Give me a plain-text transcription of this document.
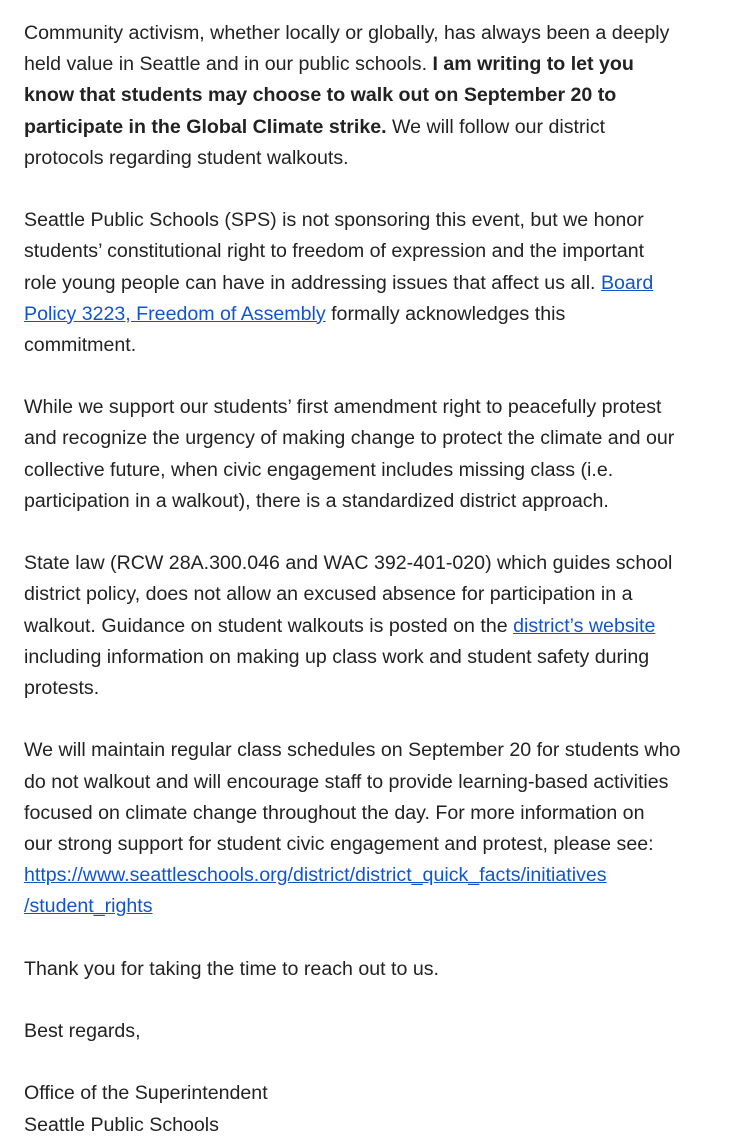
Community activism, whether locally or globally, has always been a deeply
held value in Seattle and in our public schools. I am writing to let you
know that students may choose to walk out on September 20 to
participate in the Global Climate strike. We will follow our district
protocols regarding student walkouts.

Seattle Public Schools (SPS) is not sponsoring this event, but we honor
students’ constitutional right to freedom of expression and the important
role young people can have in addressing issues that affect us all. Board
Policy 3223, Freedom of Assembly formally acknowledges this
commitment.

While we support our students’ first amendment right to peacefully protest
and recognize the urgency of making change to protect the climate and our
collective future, when civic engagement includes missing class (i.e.
participation in a walkout), there is a standardized district approach.

State law (RCW 28A.300.046 and WAC 392-401-020) which guides school
district policy, does not allow an excused absence for participation in a
walkout. Guidance on student walkouts is posted on the district’s website
including information on making up class work and student safety during
protests.

We will maintain regular class schedules on September 20 for students who
do not walkout and will encourage staff to provide learning-based activities
focused on climate change throughout the day. For more information on
our strong support for student civic engagement and protest, please see:
https://www.seattleschools.org/district/district_quick_facts/initiatives
/student_rights

Thank you for taking the time to reach out to us.

Best regards,

Office of the Superintendent
Seattle Public Schools
